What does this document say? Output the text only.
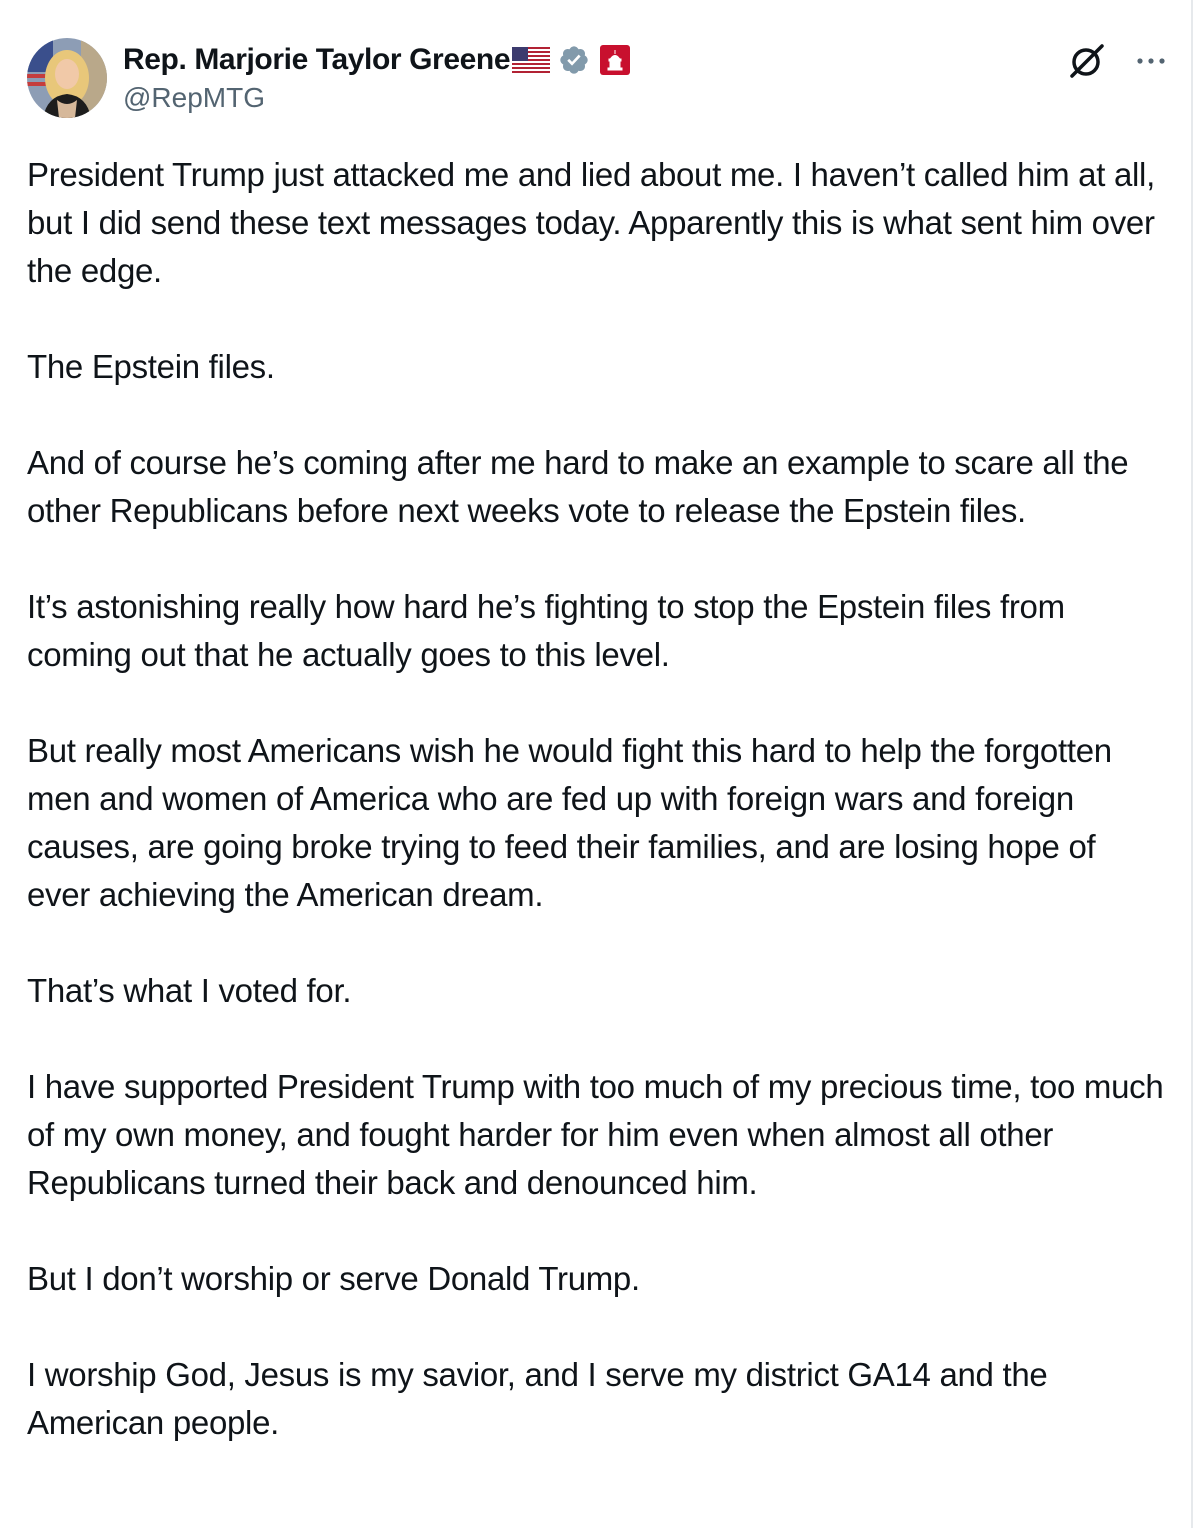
Rep. Marjorie Taylor Greene
@RepMTG

President Trump just attacked me and lied about me. I haven’t called him at all, but I did send these text messages today. Apparently this is what sent him over the edge.

The Epstein files.

And of course he’s coming after me hard to make an example to scare all the other Republicans before next weeks vote to release the Epstein files.

It’s astonishing really how hard he’s fighting to stop the Epstein files from coming out that he actually goes to this level.

But really most Americans wish he would fight this hard to help the forgotten men and women of America who are fed up with foreign wars and foreign causes, are going broke trying to feed their families, and are losing hope of ever achieving the American dream.

That’s what I voted for.

I have supported President Trump with too much of my precious time, too much of my own money, and fought harder for him even when almost all other Republicans turned their back and denounced him.

But I don’t worship or serve Donald Trump.

I worship God, Jesus is my savior, and I serve my district GA14 and the American people.
